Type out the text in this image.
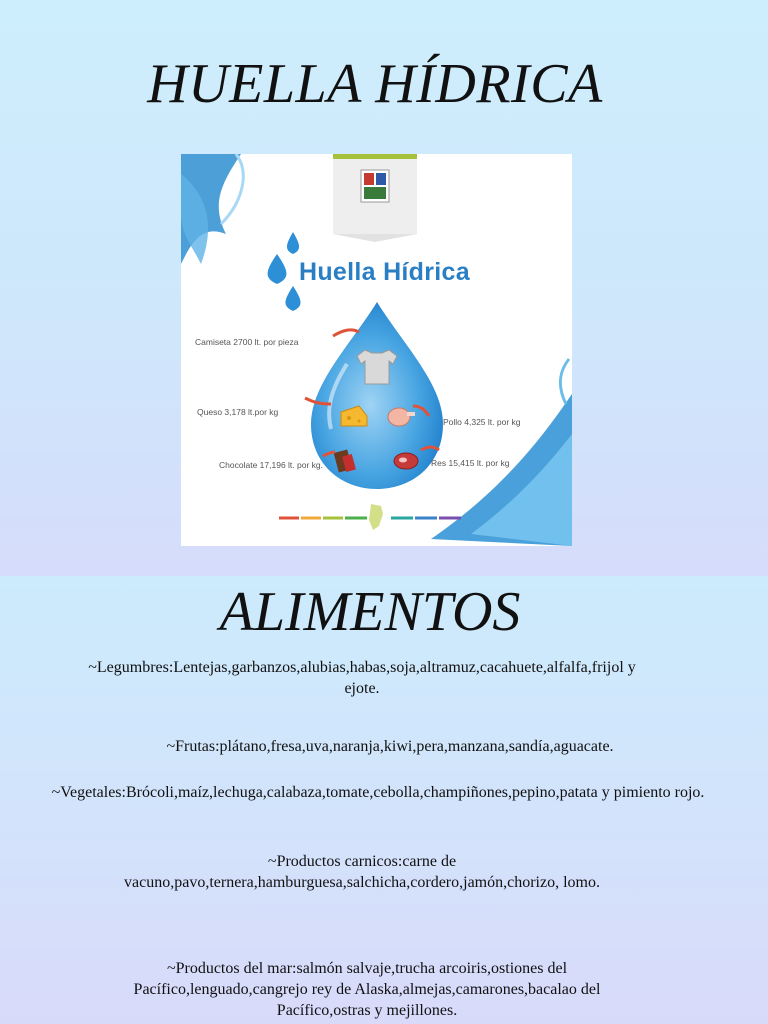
HUELLA HÍDRICA
Huella Hídrica
Camiseta 2700 lt. por pieza
Queso 3,178 lt.por kg
Pollo 4,325 lt. por kg
Chocolate 17,196 lt. por kg.	Res 15,415 lt. por kg
ALIMENTOS

~Legumbres:Lentejas,garbanzos,alubias,habas,soja,altramuz,cacahuete,alfalfa,frijol y ejote.

~Frutas:plátano,fresa,uva,naranja,kiwi,pera,manzana,sandía,aguacate.

~Vegetales:Brócoli,maíz,lechuga,calabaza,tomate,cebolla,champiñones,pepino,patata y pimiento rojo.

~Productos carnicos:carne de vacuno,pavo,ternera,hamburguesa,salchicha,cordero,jamón,chorizo, lomo.

~Productos del mar:salmón salvaje,trucha arcoiris,ostiones del Pacífico,lenguado,cangrejo rey de Alaska,almejas,camarones,bacalao del Pacífico,ostras y mejillones.
